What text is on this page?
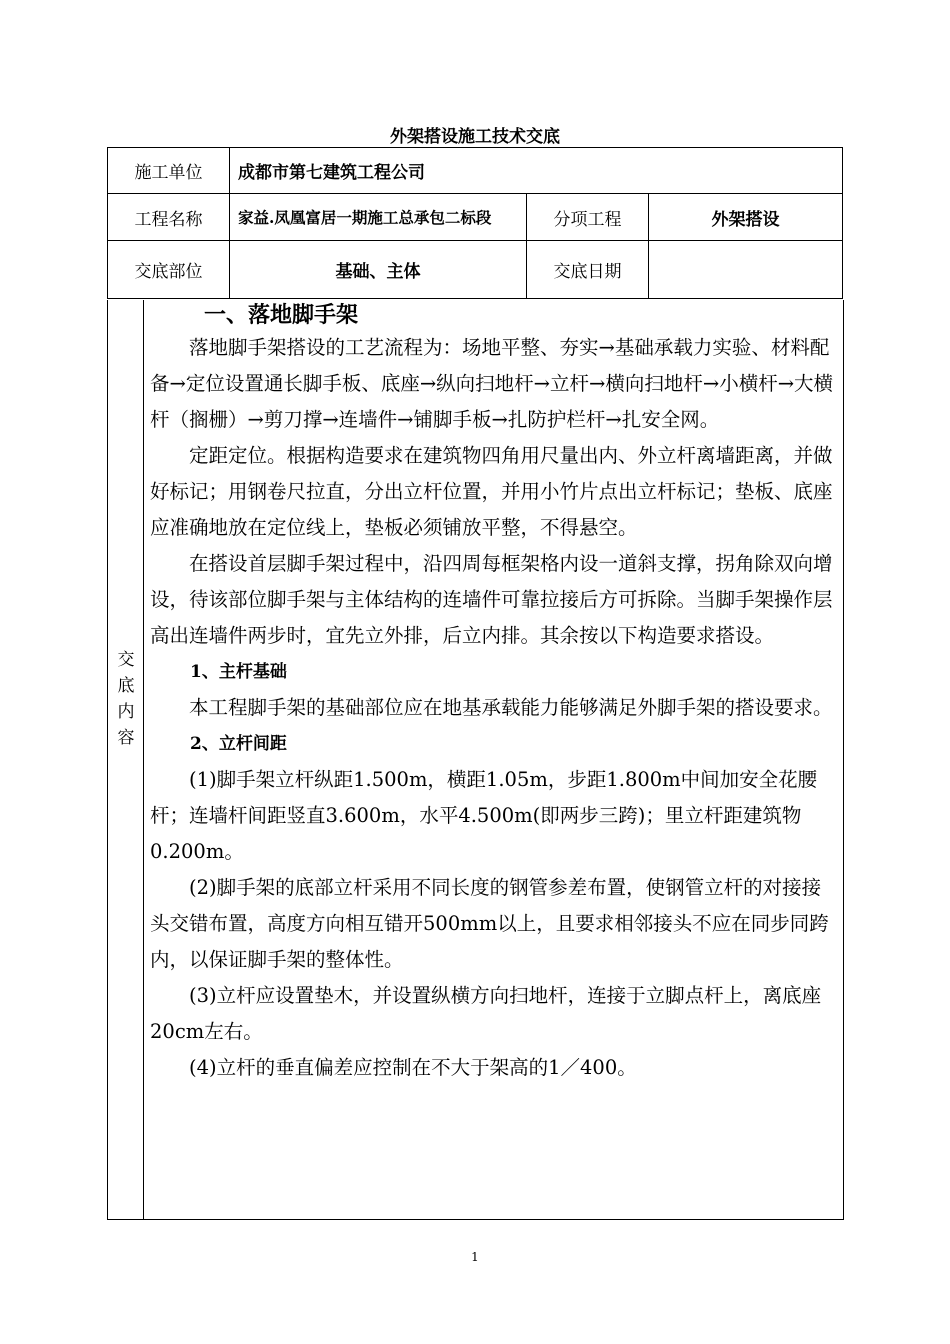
外架搭设施工技术交底
施工单位	成都市第七建筑工程公司		
工程名称	家益.凤凰富居一期施工总承包二标段	分项工程	外架搭设
交底部位	基础、主体	交底日期	
交底内容

一、落地脚手架

落地脚手架搭设的工艺流程为：场地平整、夯实→基础承载力实验、材料配备→定位设置通长脚手板、底座→纵向扫地杆→立杆→横向扫地杆→小横杆→大横杆（搁栅）→剪刀撑→连墙件→铺脚手板→扎防护栏杆→扎安全网。

定距定位。根据构造要求在建筑物四角用尺量出内、外立杆离墙距离，并做好标记；用钢卷尺拉直，分出立杆位置，并用小竹片点出立杆标记；垫板、底座应准确地放在定位线上，垫板必须铺放平整，不得悬空。

在搭设首层脚手架过程中，沿四周每框架格内设一道斜支撑，拐角除双向增设，待该部位脚手架与主体结构的连墙件可靠拉接后方可拆除。当脚手架操作层高出连墙件两步时，宜先立外排，后立内排。其余按以下构造要求搭设。

1、主杆基础

本工程脚手架的基础部位应在地基承载能力能够满足外脚手架的搭设要求。

2、立杆间距

(1)脚手架立杆纵距1.500m，横距1.05m，步距1.800m中间加安全花腰杆；连墙杆间距竖直3.600m，水平4.500m(即两步三跨)；里立杆距建筑物0.200m。

(2)脚手架的底部立杆采用不同长度的钢管参差布置，使钢管立杆的对接接头交错布置，高度方向相互错开500mm以上，且要求相邻接头不应在同步同跨内，以保证脚手架的整体性。

(3)立杆应设置垫木，并设置纵横方向扫地杆，连接于立脚点杆上，离底座20cm左右。

(4)立杆的垂直偏差应控制在不大于架高的1／400。

1
